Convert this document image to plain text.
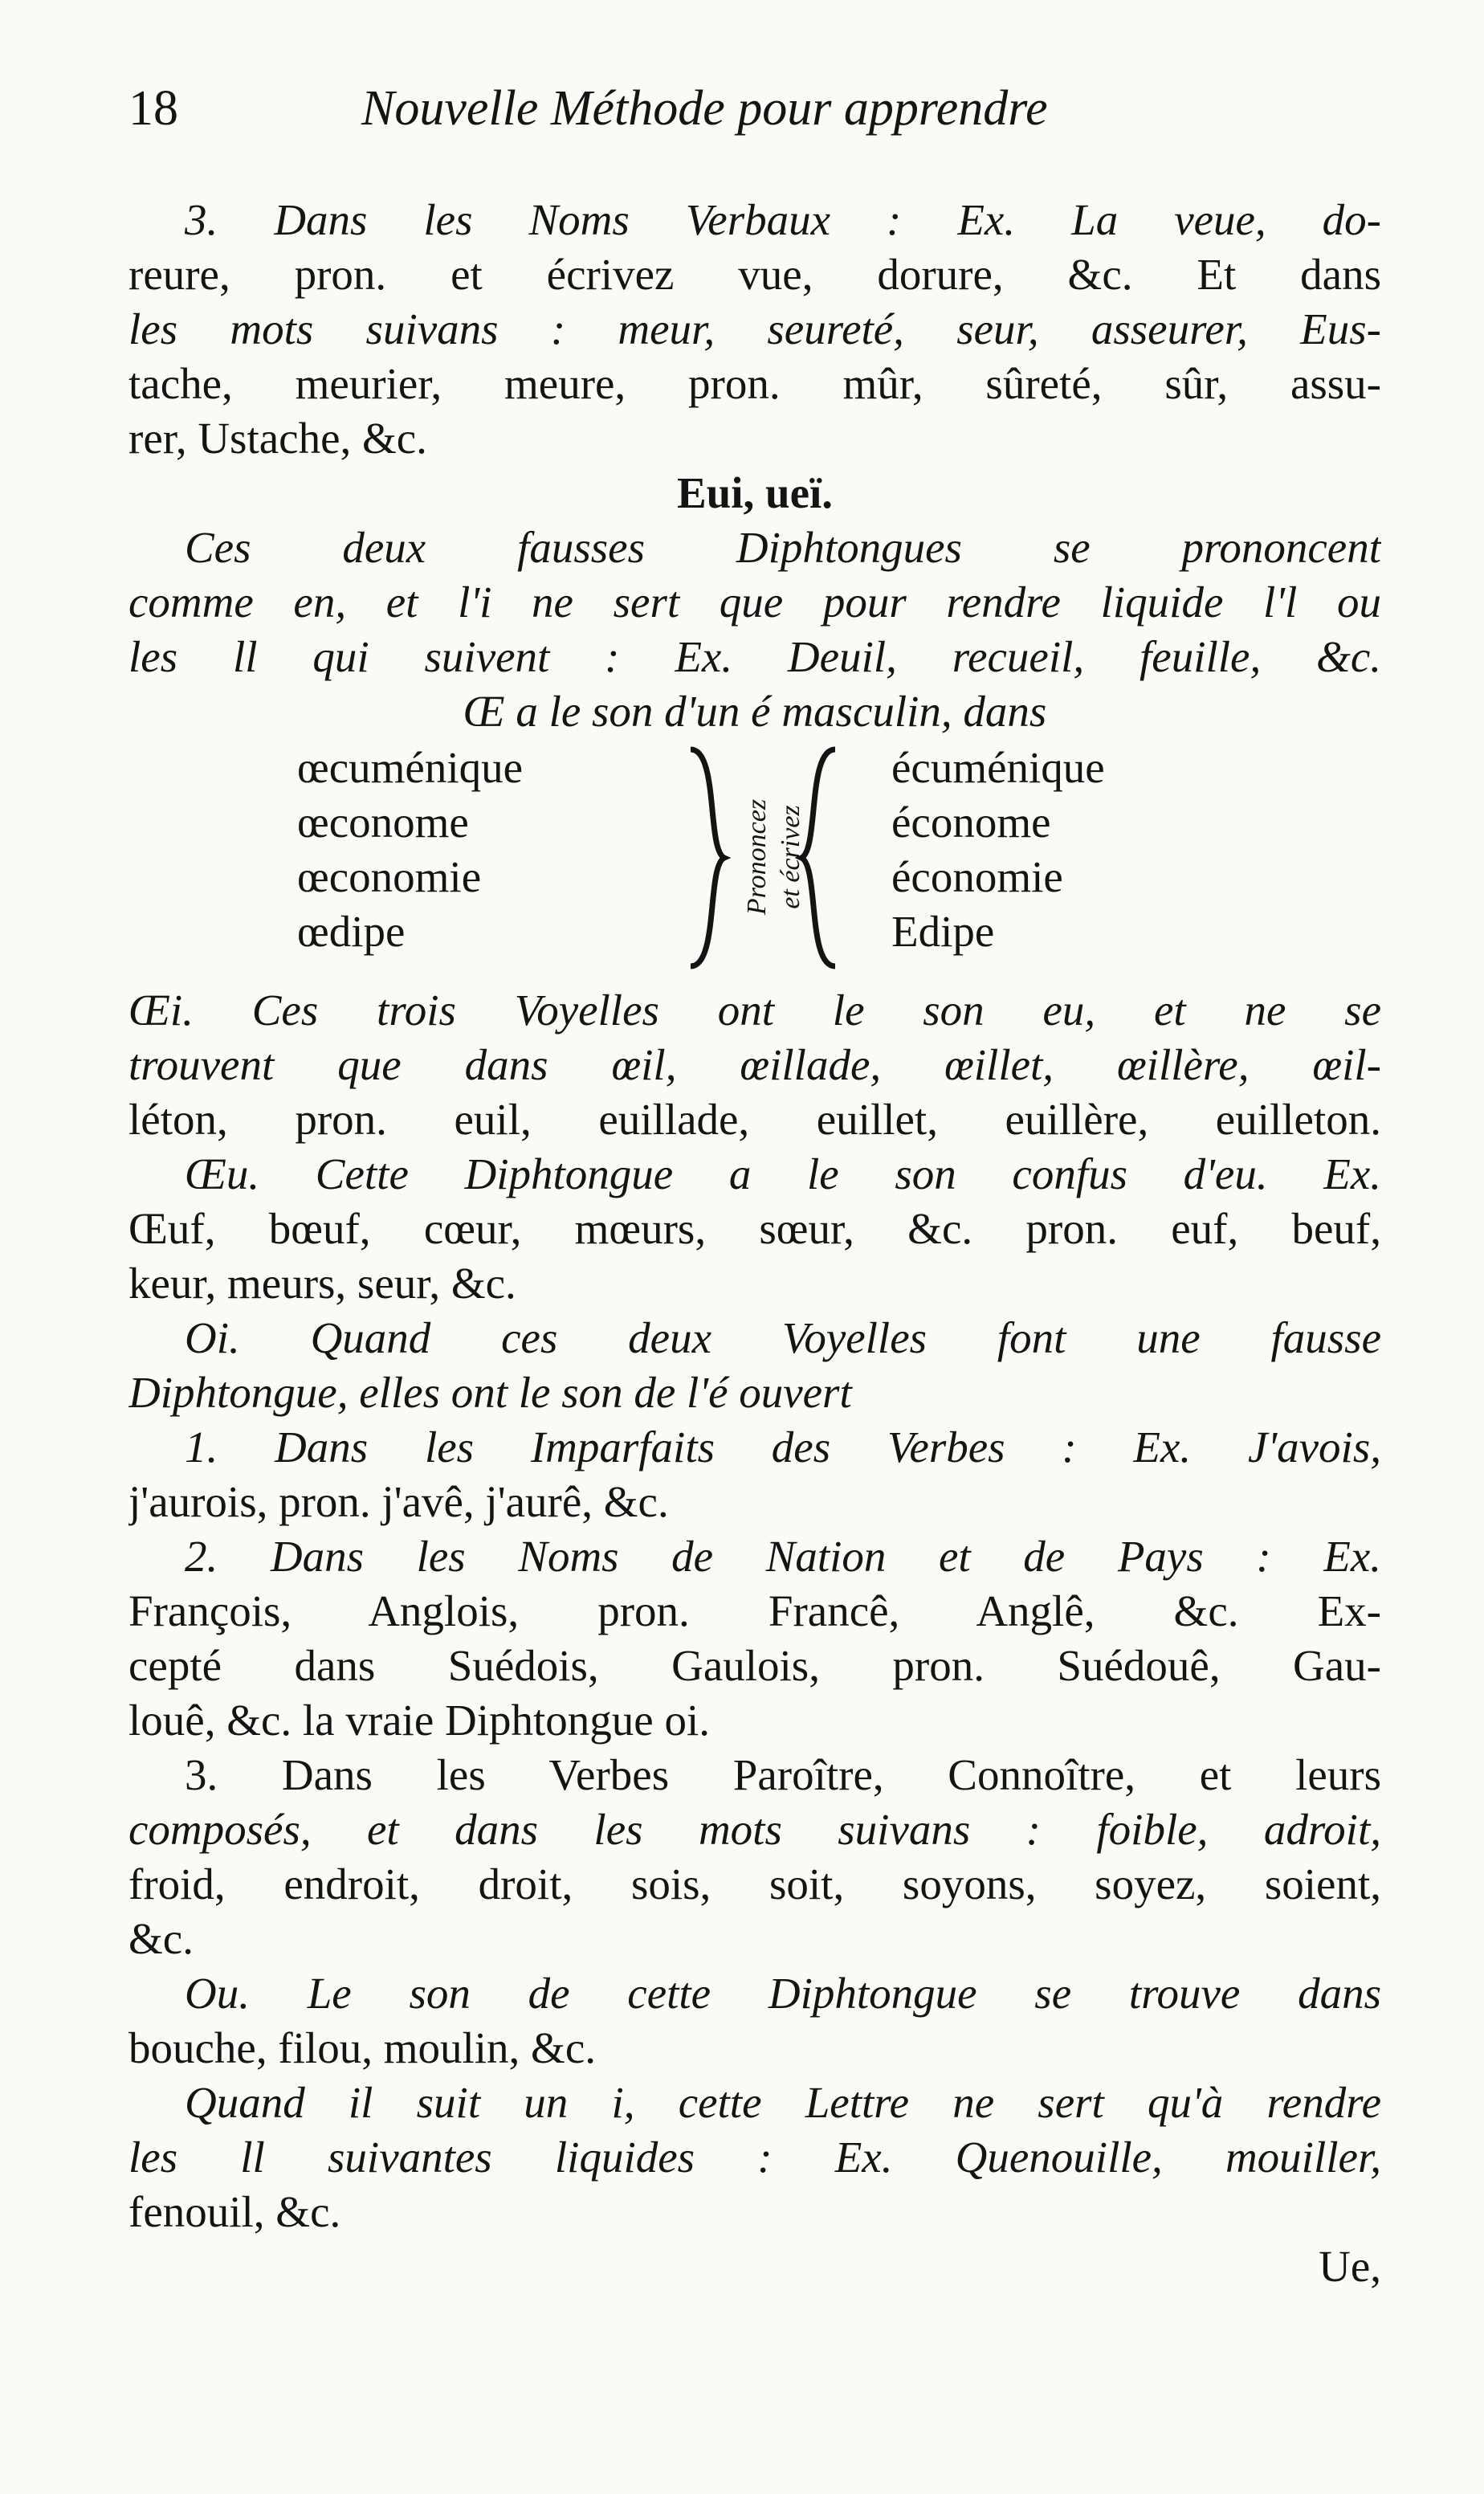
18	Nouvelle Méthode pour apprendre
3. Dans les Noms Verbaux : Ex. La veue, do-
reure, pron. et écrivez vue, dorure, &c. Et dans
les mots suivans : meur, seureté, seur, asseurer, Eus-
tache, meurier, meure, pron. mûr, sûreté, sûr, assu-
rer, Ustache, &c.
Eui, ueï.
Ces deux fausses Diphtongues se prononcent
comme en, et l'i ne sert que pour rendre liquide l'l ou
les ll qui suivent : Ex. Deuil, recueil, feuille, &c.
Œ a le son d'un é masculin, dans
œcuménique
œconome
œconomie
œdipe
Prononcez et écrivez
écuménique
économe
économie
Edipe
Œi. Ces trois Voyelles ont le son eu, et ne se
trouvent que dans œil, œillade, œillet, œillère, œil-
léton, pron. euil, euillade, euillet, euillère, euilleton.
Œu. Cette Diphtongue a le son confus d'eu. Ex.
Œuf, bœuf, cœur, mœurs, sœur, &c. pron. euf, beuf,
keur, meurs, seur, &c.
Oi. Quand ces deux Voyelles font une fausse
Diphtongue, elles ont le son de l'é ouvert
1. Dans les Imparfaits des Verbes : Ex. J'avois,
j'aurois, pron. j'avê, j'aurê, &c.
2. Dans les Noms de Nation et de Pays : Ex.
François, Anglois, pron. Francê, Anglê, &c. Ex-
cepté dans Suédois, Gaulois, pron. Suédouê, Gau-
louê, &c. la vraie Diphtongue oi.
3. Dans les Verbes Paroître, Connoître, et leurs
composés, et dans les mots suivans : foible, adroit,
froid, endroit, droit, sois, soit, soyons, soyez, soient,
&c.
Ou. Le son de cette Diphtongue se trouve dans
bouche, filou, moulin, &c.
Quand il suit un i, cette Lettre ne sert qu'à rendre
les ll suivantes liquides : Ex. Quenouille, mouiller,
fenouil, &c.
Ue,
